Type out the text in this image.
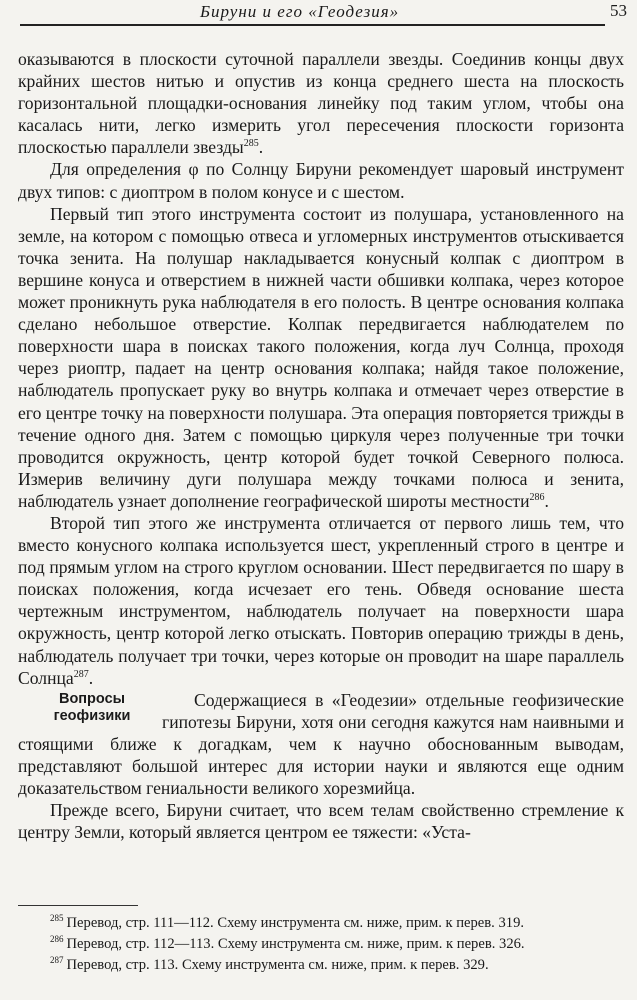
Бируни и его «Геодезия»	53

оказываются в плоскости суточной параллели звезды. Соединив концы двух крайних шестов нитью и опустив из конца среднего шеста на плоскость горизонтальной площадки-основания линейку под таким углом, чтобы она касалась нити, легко измерить угол пересечения плоскости горизонта плоскостью параллели звезды$^{285}$.

Для определения φ по Солнцу Бируни рекомендует шаровый инструмент двух типов: с диоптром в полом конусе и с шестом.

Первый тип этого инструмента состоит из полушара, установленного на земле, на котором с помощью отвеса и угломерных инструментов отыскивается точка зенита. На полушар накладывается конусный колпак с диоптром в вершине конуса и отверстием в нижней части обшивки колпака, через которое может проникнуть рука наблюдателя в его полость. В центре основания колпака сделано небольшое отверстие. Колпак передвигается наблюдателем по поверхности шара в поисках такого положения, когда луч Солнца, проходя через риоптр, падает на центр основания колпака; найдя такое положение, наблюдатель пропускает руку во внутрь колпака и отмечает через отверстие в его центре точку на поверхности полушара. Эта операция повторяется трижды в течение одного дня. Затем с помощью циркуля через полученные три точки проводится окружность, центр которой будет точкой Северного полюса. Измерив величину дуги полушара между точками полюса и зенита, наблюдатель узнает дополнение географической широты местности$^{286}$.

Второй тип этого же инструмента отличается от первого лишь тем, что вместо конусного колпака используется шест, укрепленный строго в центре и под прямым углом на строго круглом основании. Шест передвигается по шару в поисках положения, когда исчезает его тень. Обведя основание шеста чертежным инструментом, наблюдатель получает на поверхности шара окружность, центр которой легко отыскать. Повторив операцию трижды в день, наблюдатель получает три точки, через которые он проводит на шаре параллель Солнца$^{287}$.

Вопросы
геофизики
Содержащиеся в «Геодезии» отдельные геофизические гипотезы Бируни, хотя они сегодня кажутся нам наивными и стоящими ближе к догадкам, чем к научно обоснованным выводам, представляют большой интерес для истории науки и являются еще одним доказательством гениальности великого хорезмийца.

Прежде всего, Бируни считает, что всем телам свойственно стремление к центру Земли, который является центром ее тяжести: «Уста-

$^{285}$ Перевод, стр. 111—112. Схему инструмента см. ниже, прим. к перев. 319.
$^{286}$ Перевод, стр. 112—113. Схему инструмента см. ниже, прим. к перев. 326.
$^{287}$ Перевод, стр. 113. Схему инструмента см. ниже, прим. к перев. 329.
